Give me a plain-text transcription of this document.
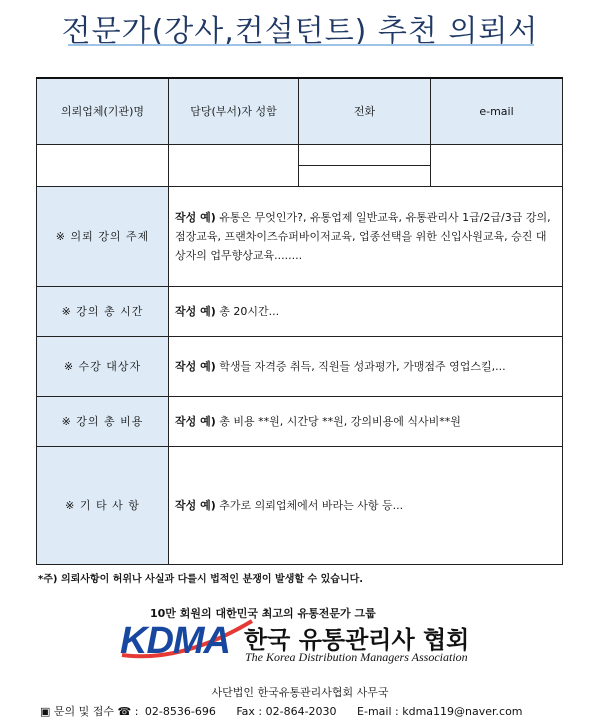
전문가(강사,컨설턴트) 추천 의뢰서
의뢰업체(기관)명	담당(부서)자 성함	전화	e-mail

※ 의뢰 강의 주제	작성 예) 유통은 무엇인가?, 유통업제 일반교육, 유통관리사 1급/2급/3급 강의, 점장교육, 프랜차이즈슈퍼바이저교육, 업종선택을 위한 신입사원교육, 승진 대상자의 업무향상교육........		
※ 강의 총 시간	작성 예) 총 20시간...		
※ 수강 대상자	작성 예) 학생들 자격증 취득, 직원들 성과평가, 가맹점주 영업스킬,...		
※ 강의 총 비용	작성 예) 총 비용 **원, 시간당 **원, 강의비용에 식사비**원		
※ 기 타 사 항	작성 예) 추가로 의뢰업체에서 바라는 사항 등...		
*주) 의뢰사항이 허위나 사실과 다를시 법적인 분쟁이 발생할 수 있습니다.
10만 회원의 대한민국 최고의 유통전문가 그룹
KDMA 한국 유통관리사 협회
The Korea Distribution Managers Association
사단법인 한국유통관리사협회 사무국
▣ 문의 및 접수 ☎ : 02-8536-696 Fax : 02-864-2030 E-mail : kdma119@naver.com
